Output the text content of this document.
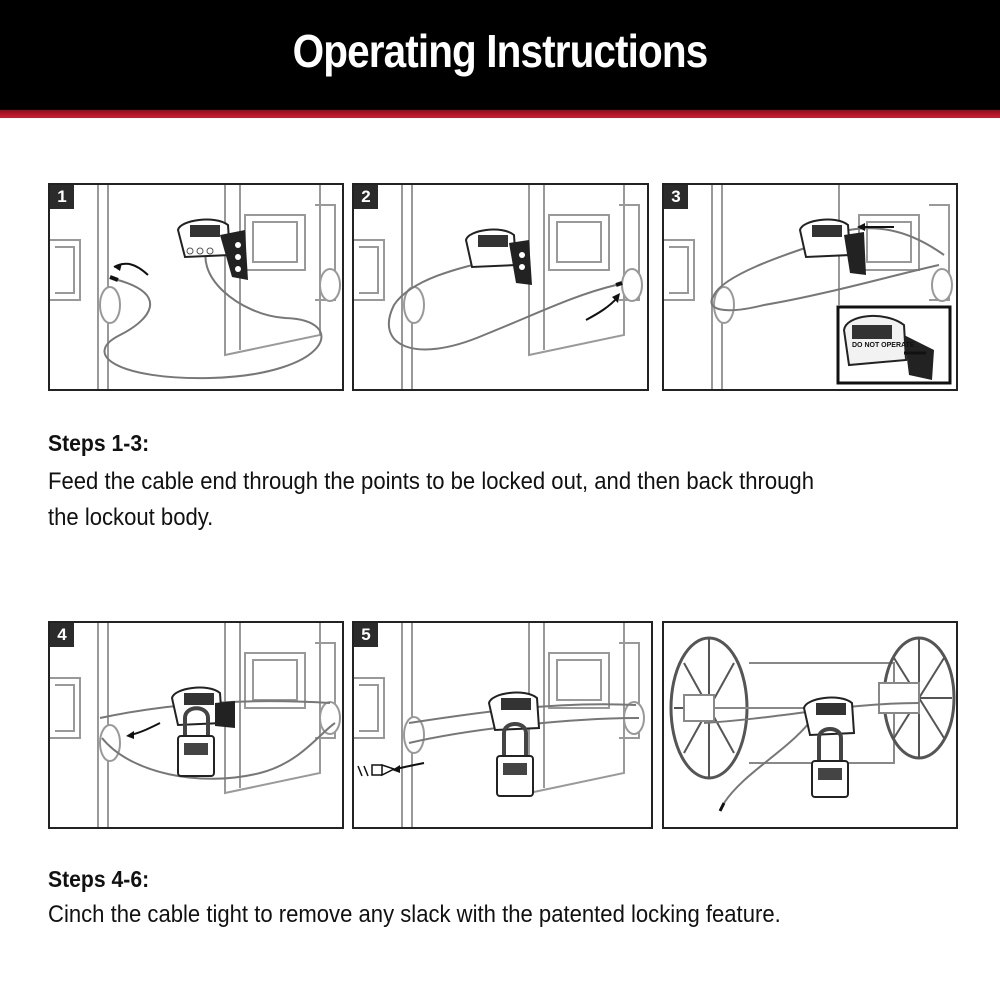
Operating Instructions
1	2	3
DO NOT OPERATE
Steps 1-3:
Feed the cable end through the points to be locked out, and then back through the lockout body.
4	5
Steps 4-6:
Cinch the cable tight to remove any slack with the patented locking feature.
